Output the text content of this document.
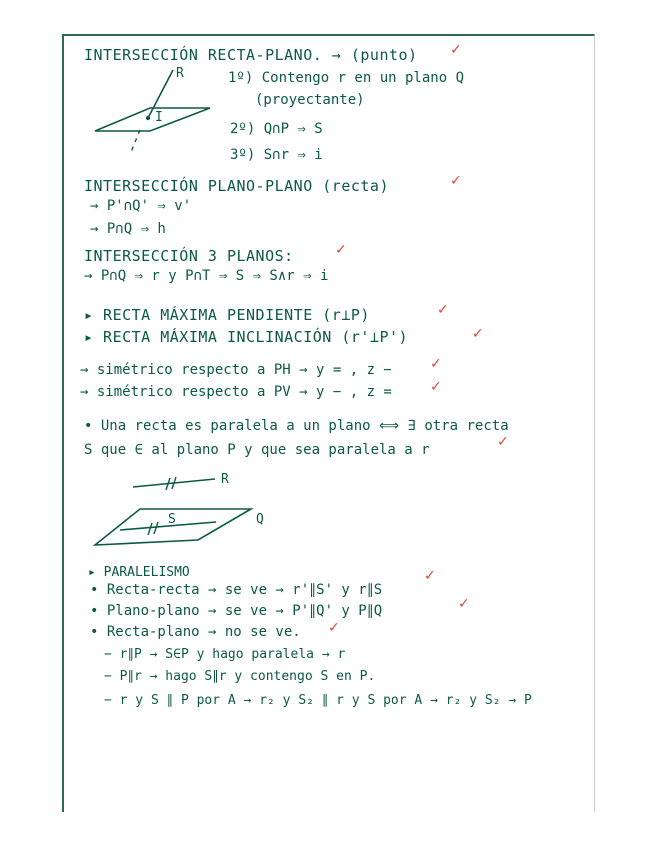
INTERSECCIÓN RECTA-PLANO. → (punto) ✓
R
I
1º) Contengo r en un plano Q
(proyectante)
2º) Q∩P ⇒ S
3º) S∩r ⇒ i
INTERSECCIÓN PLANO-PLANO (recta)	✓
→ P'∩Q' ⇒ v'
→ P∩Q ⇒ h
INTERSECCIÓN 3 PLANOS:	✓
→ P∩Q ⇒ r y P∩T ⇒ S ⇒ S∧r ⇒ i
▸ RECTA MÁXIMA PENDIENTE (r⊥P)	✓
▸ RECTA MÁXIMA INCLINACIÓN (r'⊥P')	✓
→ simétrico respecto a PH → y = , z −	✓
→ simétrico respecto a PV → y − , z =	✓
• Una recta es paralela a un plano ⟺ ∃ otra recta
S que ∈ al plano P y que sea paralela a r	✓
R
S	Q
▸ PARALELISMO
• Recta-recta → se ve → r'∥S' y r∥S
✓
• Plano-plano → se ve → P'∥Q' y P∥Q	✓
• Recta-plano → no se ve. ✓
− r∥P → S∈P y hago paralela → r
− P∥r → hago S∥r y contengo S en P.
− r y S ∥ P por A → r₂ y S₂ ∥ r y S por A → r₂ y S₂ → P
